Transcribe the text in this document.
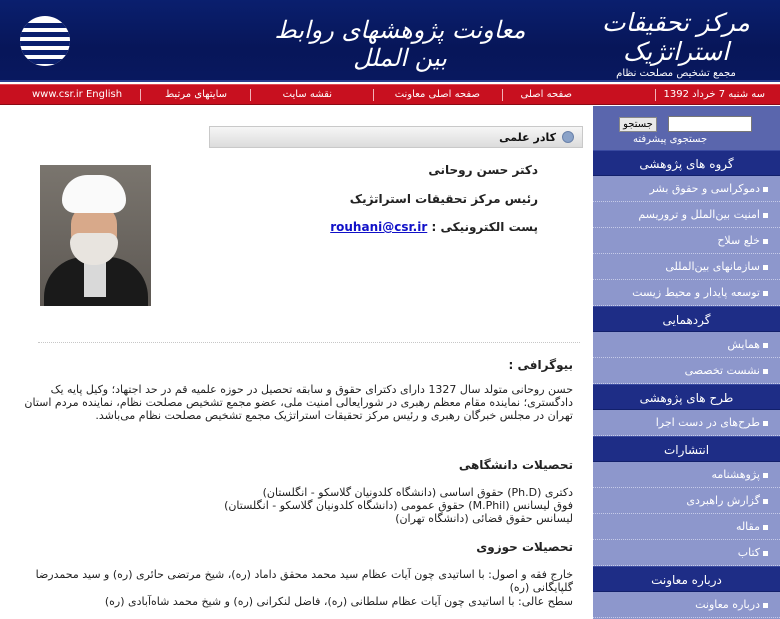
معاونت پژوهشهای روابط بین الملل
مرکز تحقیقات استراتژیک
مجمع تشخیص مصلحت نظام
سه شنبه 7 خرداد 1392
صفحه اصلی
صفحه اصلی معاونت
نقشه سایت
سایتهای مرتبط
www.csr.ir English
جستجو
جستجوی پیشرفته
گروه های پژوهشی
دموکراسی و حقوق بشر
امنیت بین‌الملل و تروریسم
خلع سلاح
سازمانهای بین‌المللی
توسعه پایدار و محیط زیست
گردهمایی
همایش
نشست تخصصی
طرح های پژوهشی
طرح‌های در دست اجرا
انتشارات
پژوهشنامه
گزارش راهبردی
مقاله
کتاب
درباره معاونت
درباره معاونت
کادر علمی
دکتر حسن روحانی
رئیس مرکز تحقیقات استراتژیک
پست الکترونیکی : rouhani@csr.ir
بیوگرافی :
حسن روحانی متولد سال 1327 دارای دکترای حقوق و سابقه تحصیل در حوزه علمیه قم در حد اجتهاد؛ وکیل پایه یک دادگستری؛ نماینده مقام معظم رهبری در شورایعالی امنیت ملی، عضو مجمع تشخیص مصلحت نظام، نماینده مردم استان تهران در مجلس خبرگان رهبری و رئیس مرکز تحقیقات استراتژیک مجمع تشخیص مصلحت نظام می‌باشد.
تحصیلات دانشگاهی
دکتری (Ph.D) حقوق اساسی (دانشگاه کلدونیان گلاسکو - انگلستان)
فوق لیسانس (M.Phil) حقوق عمومی (دانشگاه کلدونیان گلاسکو - انگلستان)
لیسانس حقوق قضائی (دانشگاه تهران)
تحصیلات حوزوی
خارج فقه و اصول: با اساتیدی چون آیات عظام سید محمد محقق داماد (ره)، شیخ مرتضی حائری (ره) و سید محمدرضا گلپایگانی (ره)
سطح عالی: با اساتیدی چون آیات عظام سلطانی (ره)، فاضل لنکرانی (ره) و شیخ محمد شاه‌آبادی (ره)
